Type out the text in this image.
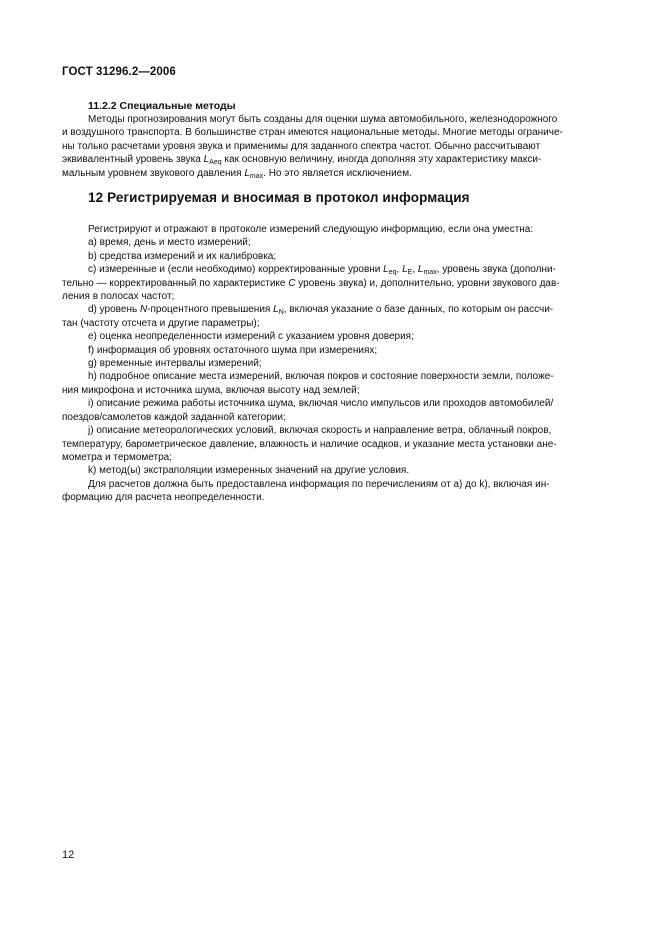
ГОСТ 31296.2—2006
11.2.2 Специальные методы
Методы прогнозирования могут быть созданы для оценки шума автомобильного, железнодорожного
и воздушного транспорта. В большинстве стран имеются национальные методы. Многие методы ограниче-
ны только расчетами уровня звука и применимы для заданного спектра частот. Обычно рассчитывают
эквивалентный уровень звука $L_{Aeq}$ как основную величину, иногда дополняя эту характеристику макси-
мальным уровнем звукового давления $L_{max}$. Но это является исключением.
12 Регистрируемая и вносимая в протокол информация
Регистрируют и отражают в протоколе измерений следующую информацию, если она уместна:
а) время, день и место измерений;
b) средства измерений и их калибровка;
с) измеренные и (если необходимо) корректированные уровни $L_{eq}$, $L_E$, $L_{max}$, уровень звука (дополни-
тельно — корректированный по характеристике С уровень звука) и, дополнительно, уровни звукового дав-
ления в полосах частот;
d) уровень N-процентного превышения $L_N$, включая указание о базе данных, по которым он рассчи-
тан (частоту отсчета и другие параметры);
е) оценка неопределенности измерений с указанием уровня доверия;
f) информация об уровнях остаточного шума при измерениях;
g) временные интервалы измерений;
h) подробное описание места измерений, включая покров и состояние поверхности земли, положе-
ния микрофона и источника шума, включая высоту над землей;
i) описание режима работы источника шума, включая число импульсов или проходов автомобилей/
поездов/самолетов каждой заданной категории;
j) описание метеорологических условий, включая скорость и направление ветра, облачный покров,
температуру, барометрическое давление, влажность и наличие осадков, и указание места установки ане-
мометра и термометра;
k) метод(ы) экстраполяции измеренных значений на другие условия.
Для расчетов должна быть предоставлена информация по перечислениям от а) до k), включая ин-
формацию для расчета неопределенности.
12
